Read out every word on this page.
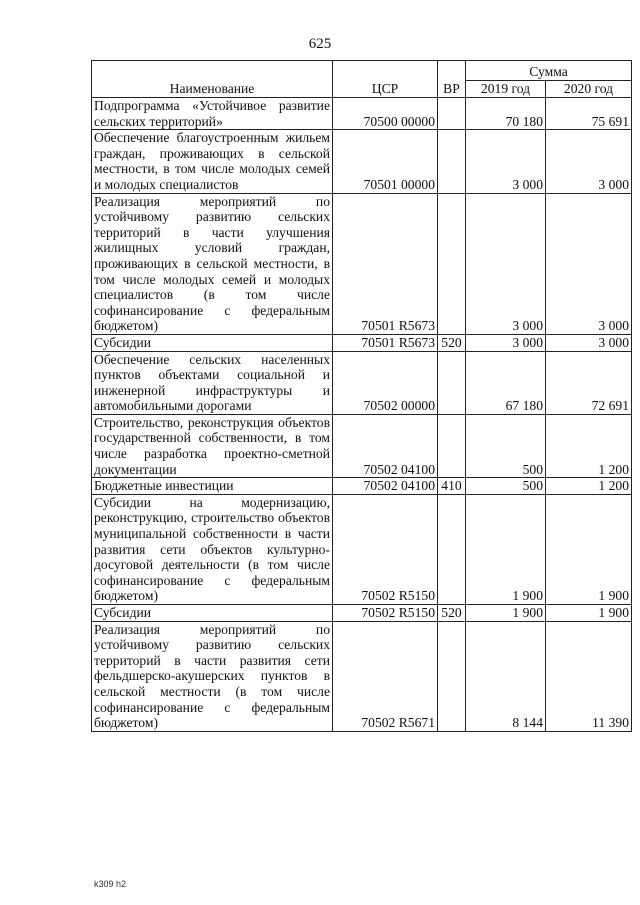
625
Наименование	ЦСР	ВР	Сумма	
			2019 год	2020 год
Подпрограмма «Устойчивое развитие сельских территорий»	70500 00000		70 180	75 691
Обеспечение благоустроенным жильем граждан, проживающих в сельской местности, в том числе молодых семей и молодых специалистов	70501 00000		3 000	3 000
Реализация мероприятий по устойчивому развитию сельских территорий в части улучшения жилищных условий граждан, проживающих в сельской местности, в том числе молодых семей и молодых специалистов (в том числе софинансирование с федеральным бюджетом)	70501 R5673		3 000	3 000
Субсидии	70501 R5673	520	3 000	3 000
Обеспечение сельских населенных пунктов объектами социальной и инженерной инфраструктуры и автомобильными дорогами	70502 00000		67 180	72 691
Строительство, реконструкция объектов государственной собственности, в том числе разработка проектно-сметной документации	70502 04100		500	1 200
Бюджетные инвестиции	70502 04100	410	500	1 200
Субсидии на модернизацию, реконструкцию, строительство объектов муниципальной собственности в части развития сети объектов культурно-досуговой деятельности (в том числе софинансирование с федеральным бюджетом)	70502 R5150		1 900	1 900
Субсидии	70502 R5150	520	1 900	1 900
Реализация мероприятий по устойчивому развитию сельских территорий в части развития сети фельдшерско-акушерских пунктов в сельской местности (в том числе софинансирование с федеральным бюджетом)	70502 R5671		8 144	11 390
k309 h2
